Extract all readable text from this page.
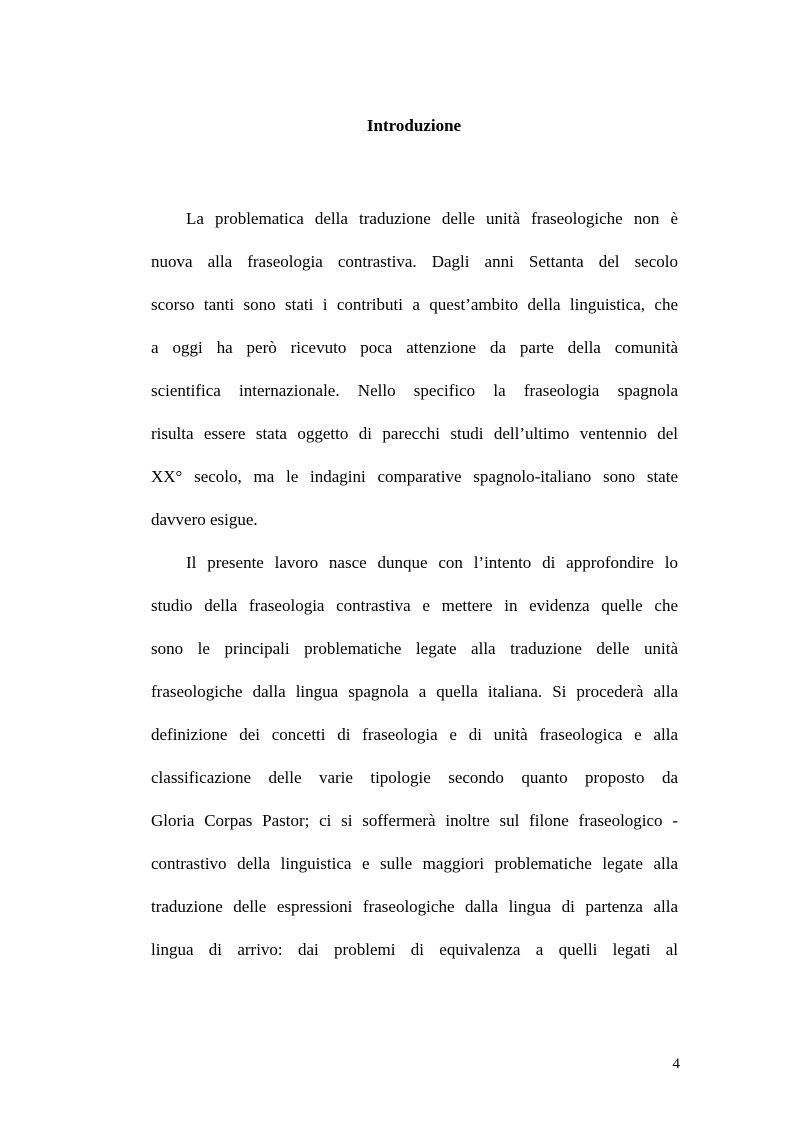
Introduzione

La problematica della traduzione delle unità fraseologiche non è
nuova alla fraseologia contrastiva. Dagli anni Settanta del secolo
scorso tanti sono stati i contributi a quest’ambito della linguistica, che
a oggi ha però ricevuto poca attenzione da parte della comunità
scientifica internazionale. Nello specifico la fraseologia spagnola
risulta essere stata oggetto di parecchi studi dell’ultimo ventennio del
XX° secolo, ma le indagini comparative spagnolo-italiano sono state
davvero esigue.

Il presente lavoro nasce dunque con l’intento di approfondire lo
studio della fraseologia contrastiva e mettere in evidenza quelle che
sono le principali problematiche legate alla traduzione delle unità
fraseologiche dalla lingua spagnola a quella italiana. Si procederà alla
definizione dei concetti di fraseologia e di unità fraseologica e alla
classificazione delle varie tipologie secondo quanto proposto da
Gloria Corpas Pastor; ci si soffermerà inoltre sul filone fraseologico -
contrastivo della linguistica e sulle maggiori problematiche legate alla
traduzione delle espressioni fraseologiche dalla lingua di partenza alla
lingua di arrivo: dai problemi di equivalenza a quelli legati al

4
